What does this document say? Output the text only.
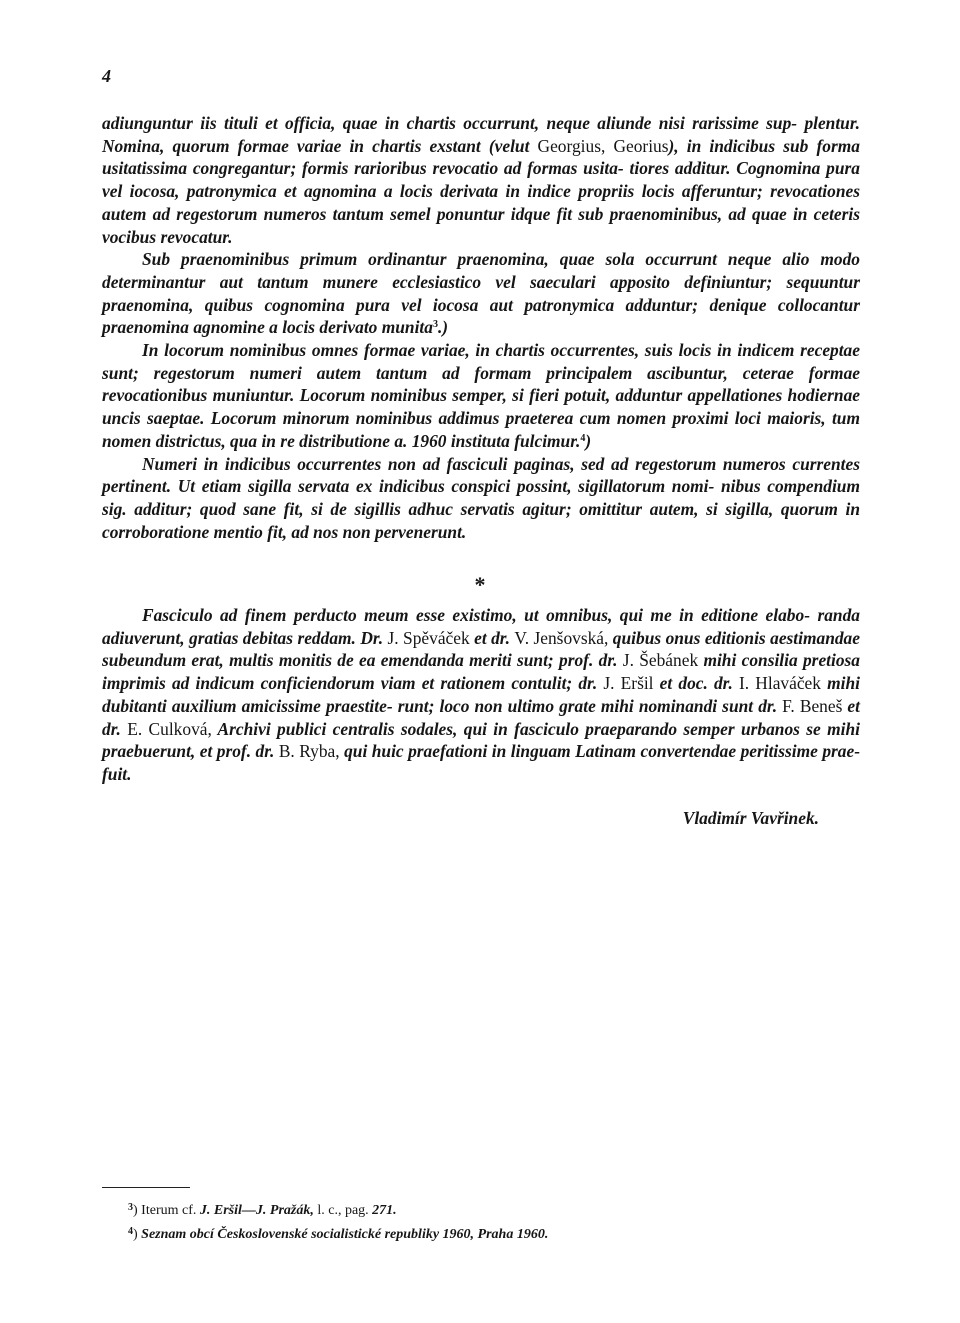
4

adiunguntur iis tituli et officia, quae in chartis occurrunt, neque aliunde nisi rarissime sup- plentur. Nomina, quorum formae variae in chartis exstant (velut Georgius, Georius), in indicibus sub forma usitatissima congregantur; formis rarioribus revocatio ad formas usita- tiores additur. Cognomina pura vel iocosa, patronymica et agnomina a locis derivata in indice propriis locis afferuntur; revocationes autem ad regestorum numeros tantum semel ponuntur idque fit sub praenominibus, ad quae in ceteris vocibus revocatur.

Sub praenominibus primum ordinantur praenomina, quae sola occurrunt neque alio modo determinantur aut tantum munere ecclesiastico vel saeculari apposito definiuntur; sequuntur praenomina, quibus cognomina pura vel iocosa aut patronymica adduntur; denique collocantur praenomina agnomine a locis derivato munita$^3$.)

In locorum nominibus omnes formae variae, in chartis occurrentes, suis locis in indicem receptae sunt; regestorum numeri autem tantum ad formam principalem ascibuntur, ceterae formae revocationibus muniuntur. Locorum nominibus semper, si fieri potuit, adduntur appellationes hodiernae uncis saeptae. Locorum minorum nominibus addimus praeterea cum nomen proximi loci maioris, tum nomen districtus, qua in re distributione a. 1960 instituta fulcimur.$^4$)

Numeri in indicibus occurrentes non ad fasciculi paginas, sed ad regestorum numeros currentes pertinent. Ut etiam sigilla servata ex indicibus conspici possint, sigillatorum nomi- nibus compendium sig. additur; quod sane fit, si de sigillis adhuc servatis agitur; omittitur autem, si sigilla, quorum in corroboratione mentio fit, ad nos non pervenerunt.

*

Fasciculo ad finem perducto meum esse existimo, ut omnibus, qui me in editione elabo- randa adiuverunt, gratias debitas reddam. Dr. J. Spěváček et dr. V. Jenšovská, quibus onus editionis aestimandae subeundum erat, multis monitis de ea emendanda meriti sunt; prof. dr. J. Šebánek mihi consilia pretiosa imprimis ad indicum conficiendorum viam et rationem contulit; dr. J. Eršil et doc. dr. I. Hlaváček mihi dubitanti auxilium amicissime praestite- runt; loco non ultimo grate mihi nominandi sunt dr. F. Beneš et dr. E. Culková, Archivi publici centralis sodales, qui in fasciculo praeparando semper urbanos se mihi praebuerunt, et prof. dr. B. Ryba, qui huic praefationi in linguam Latinam convertendae peritissime prae- fuit.

Vladimír Vavřinek.
$^3$) Iterum cf. J. Eršil—J. Pražák, l. c., pag. 271.
$^4$) Seznam obcí Československé socialistické republiky 1960, Praha 1960.
